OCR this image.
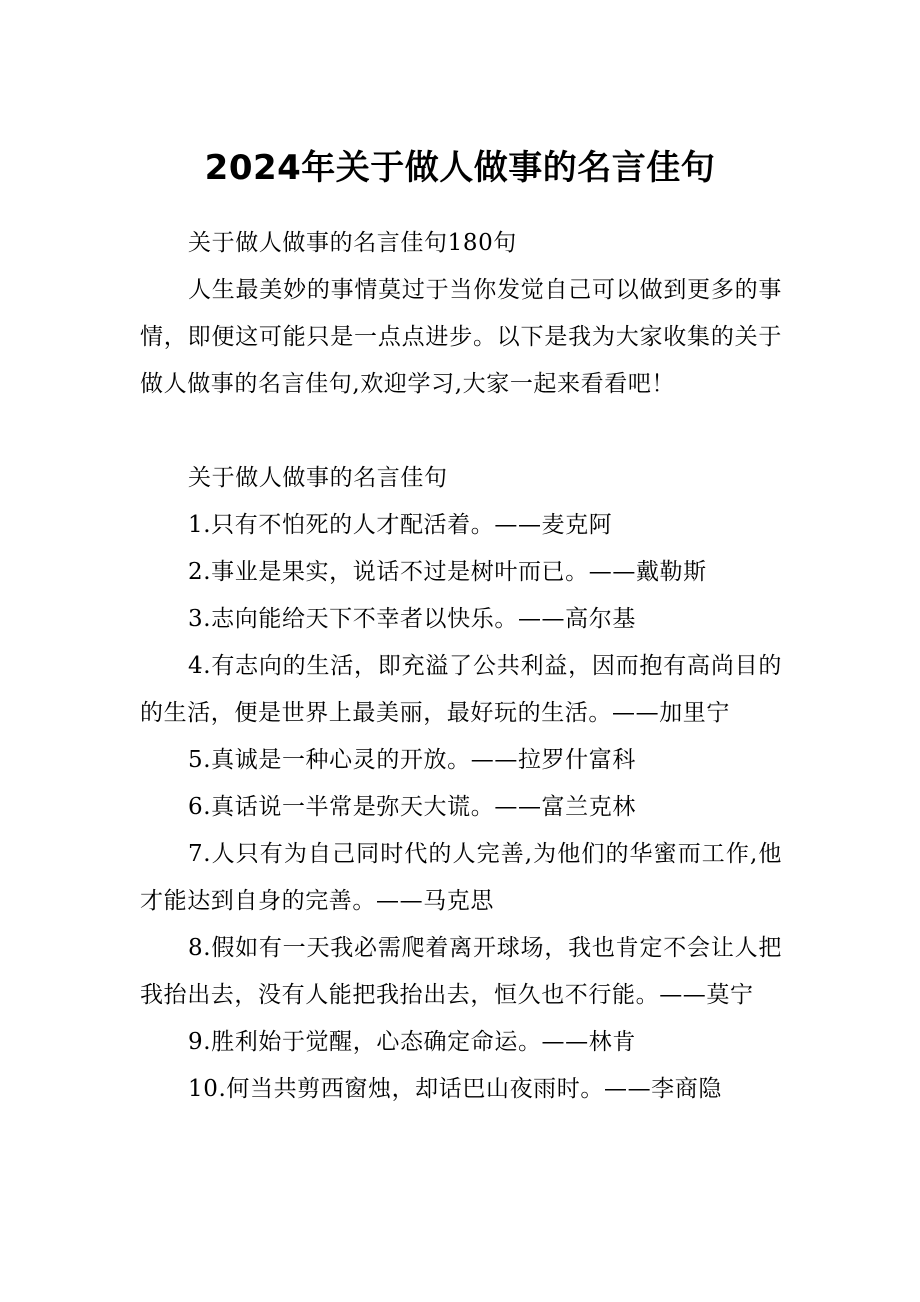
2024年关于做人做事的名言佳句

关于做人做事的名言佳句180句

人生最美妙的事情莫过于当你发觉自己可以做到更多的事情，即便这可能只是一点点进步。以下是我为大家收集的关于做人做事的名言佳句,欢迎学习,大家一起来看看吧！

关于做人做事的名言佳句

1.只有不怕死的人才配活着。——麦克阿

2.事业是果实，说话不过是树叶而已。——戴勒斯

3.志向能给天下不幸者以快乐。——高尔基

4.有志向的生活，即充溢了公共利益，因而抱有高尚目的的生活，便是世界上最美丽，最好玩的生活。——加里宁

5.真诚是一种心灵的开放。——拉罗什富科

6.真话说一半常是弥天大谎。——富兰克林

7.人只有为自己同时代的人完善,为他们的华蜜而工作,他才能达到自身的完善。——马克思

8.假如有一天我必需爬着离开球场，我也肯定不会让人把我抬出去，没有人能把我抬出去，恒久也不行能。——莫宁

9.胜利始于觉醒，心态确定命运。——林肯

10.何当共剪西窗烛，却话巴山夜雨时。——李商隐
